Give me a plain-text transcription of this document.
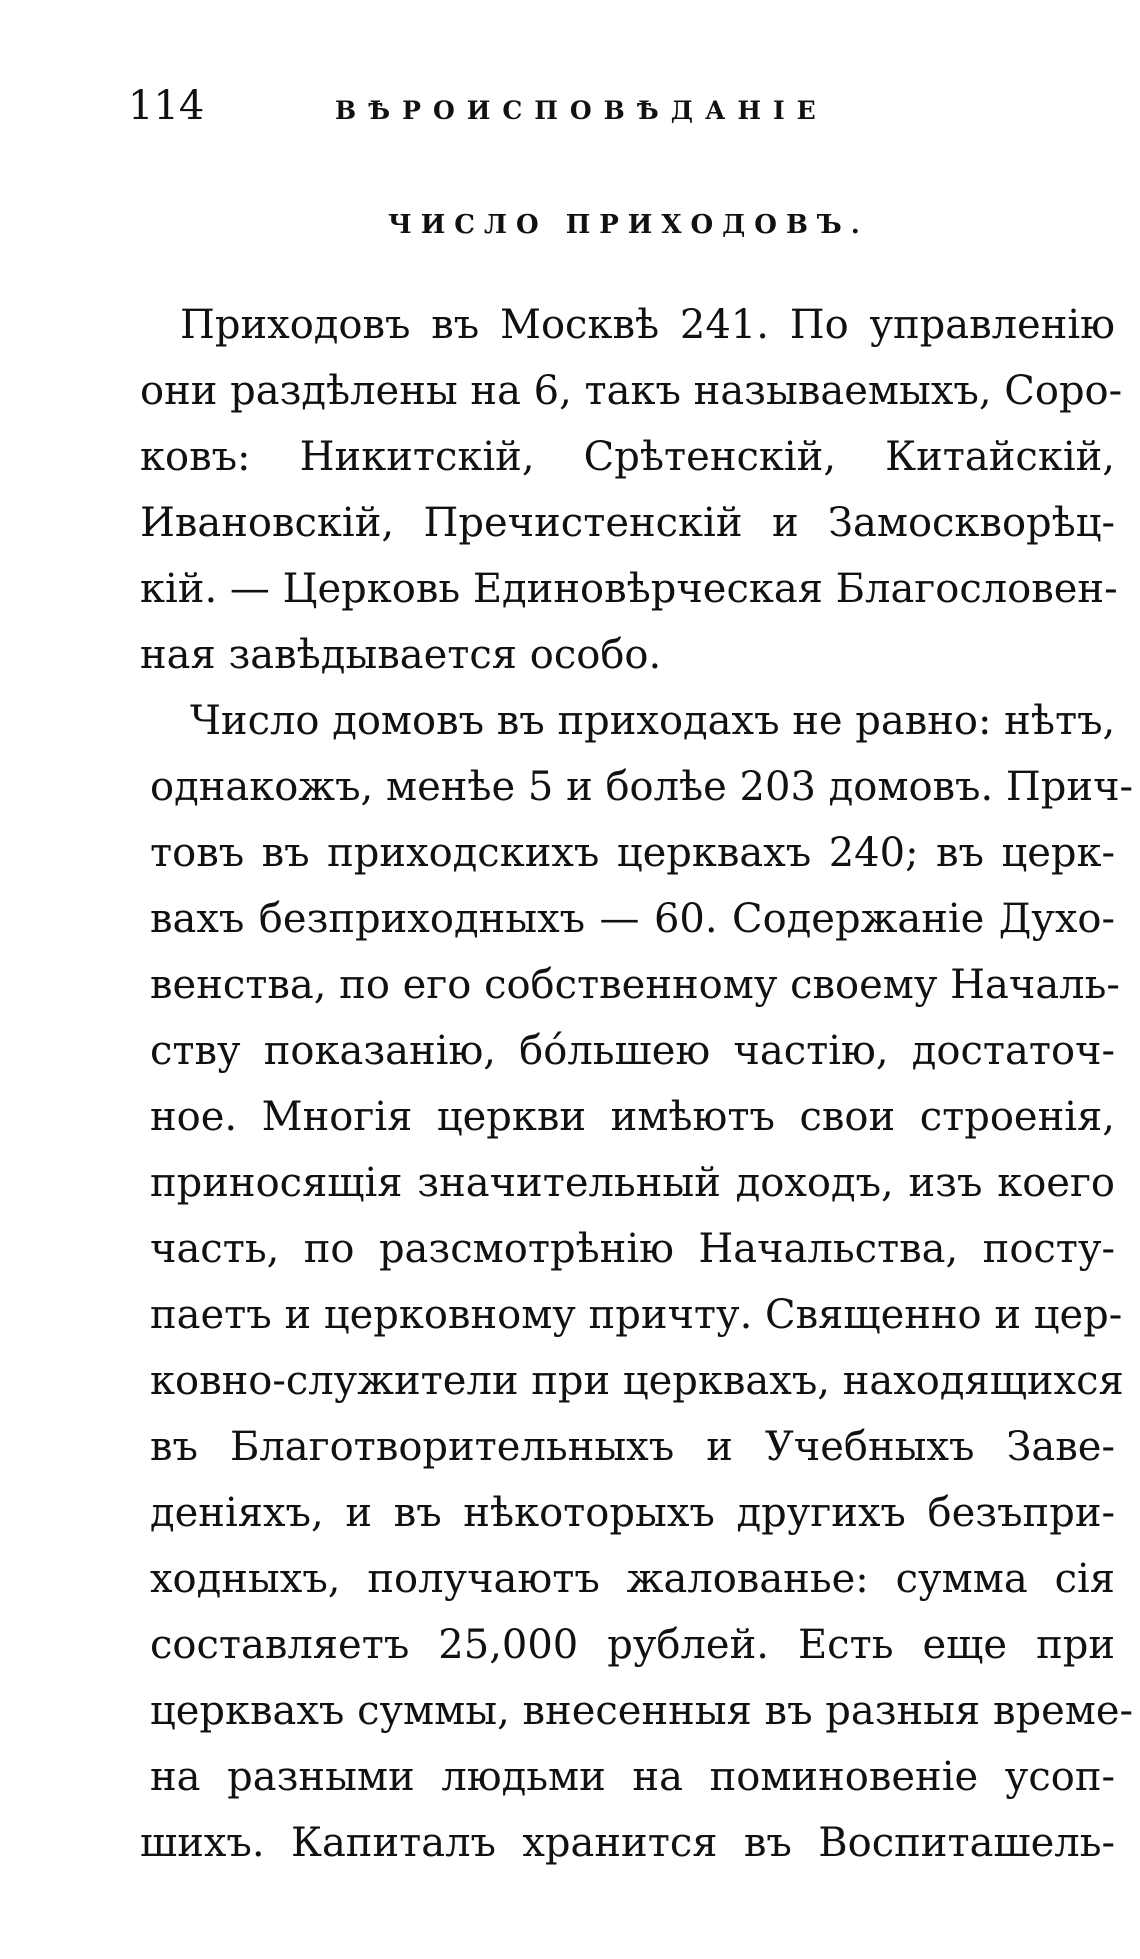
114	ВѢРОИСПОВѢДАНІЕ
ЧИСЛО ПРИХОДОВЪ.
Приходовъ въ Москвѣ 241. По управленію
они раздѣлены на 6, такъ называемыхъ, Соро-
ковъ: Никитскій, Срѣтенскій, Китайскій,
Ивановскій, Пречистенскій и Замоскворѣц-
кій. — Церковь Единовѣрческая Благословен-
ная завѣдывается особо.
Число домовъ въ приходахъ не равно: нѣтъ,
однакожъ, менѣе 5 и болѣе 203 домовъ. Прич-
товъ въ приходскихъ церквахъ 240; въ церк-
вахъ безприходныхъ — 60. Содержаніе Духо-
венства, по его собственному своему Началь-
ству показанію, бо́льшею частію, достаточ-
ное. Многія церкви имѣютъ свои строенія,
приносящія значительный доходъ, изъ коего
часть, по разсмотрѣнію Начальства, посту-
паетъ и церковному причту. Священно и цер-
ковно-служители при церквахъ, находящихся
въ Благотворительныхъ и Учебныхъ Заве-
деніяхъ, и въ нѣкоторыхъ другихъ безъпри-
ходныхъ, получаютъ жалованье: сумма сія
составляетъ 25,000 рублей. Есть еще при
церквахъ суммы, внесенныя въ разныя време-
на разными людьми на поминовеніе усоп-
шихъ. Капиталъ хранится въ Воспиташель-
